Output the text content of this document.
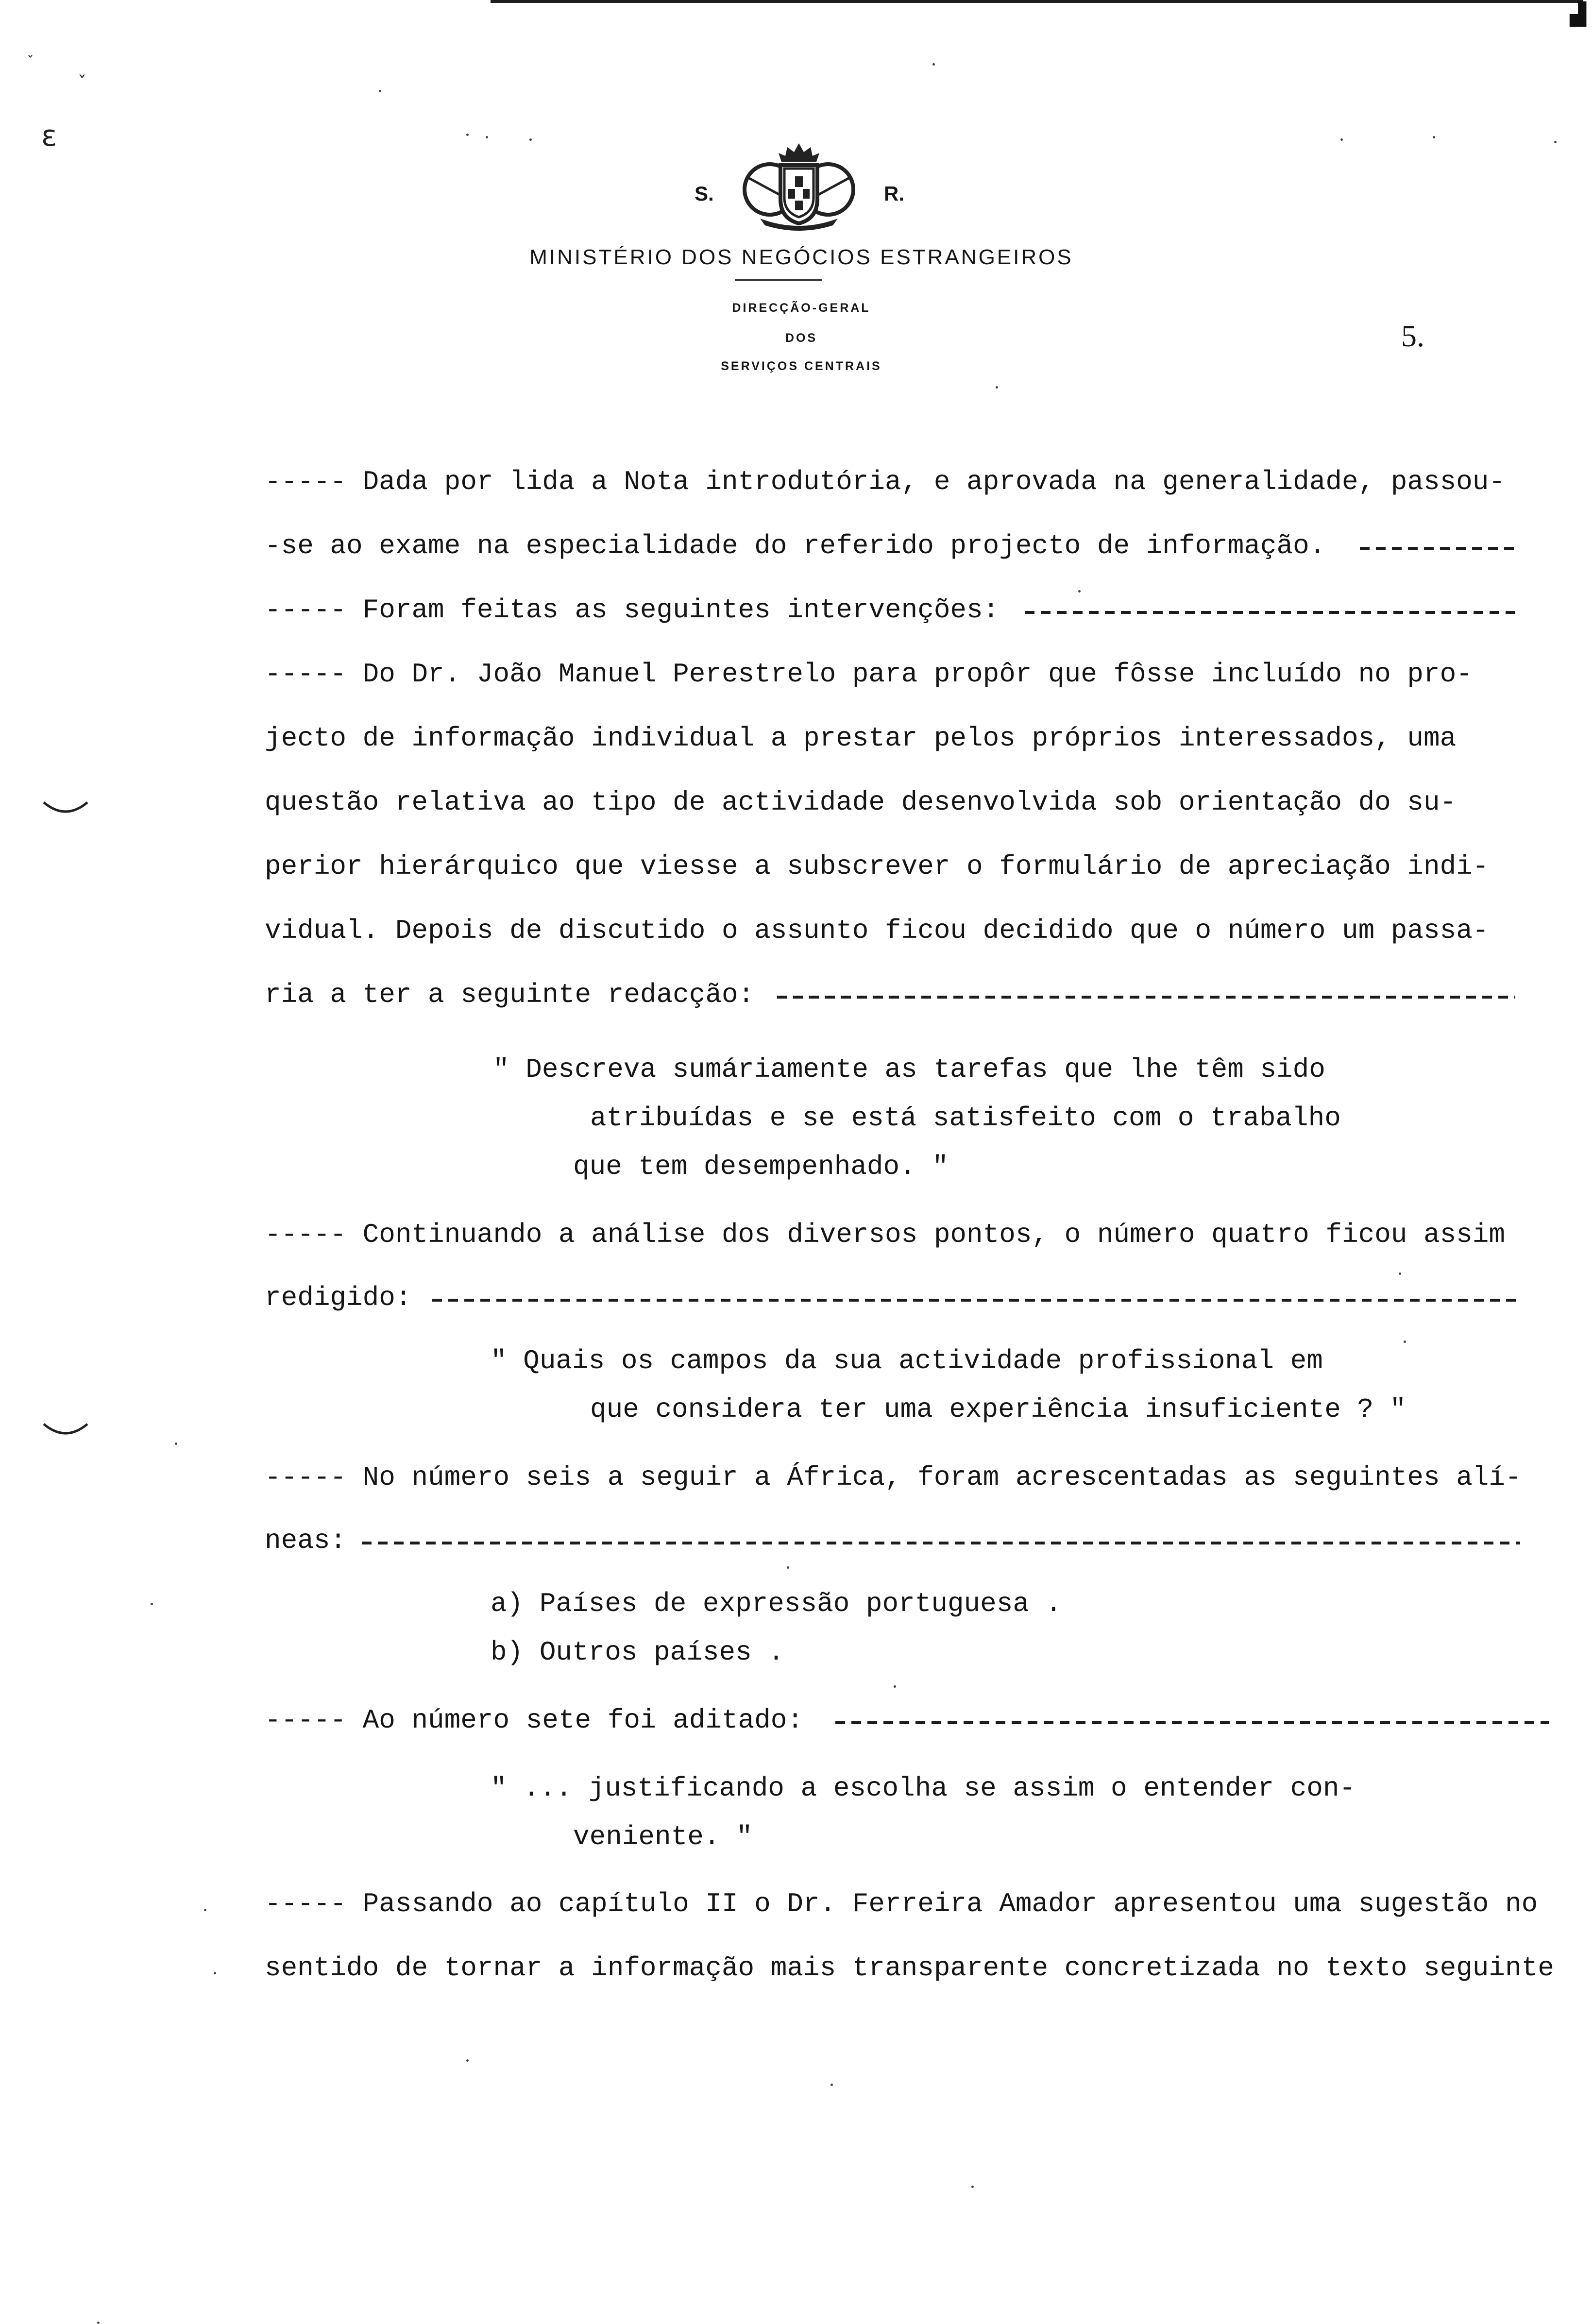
▟
ˇ
ˇ
ɛ
S.	R.
MINISTÉRIO DOS NEGÓCIOS ESTRANGEIROS
DIRECÇÃO-GERAL
DOS
SERVIÇOS CENTRAIS
5.
----- Dada por lida a Nota introdutória, e aprovada na generalidade, passou-
-se ao exame na especialidade do referido projecto de informação.
----- Foram feitas as seguintes intervenções:
----- Do Dr. João Manuel Perestrelo para propôr que fôsse incluído no pro-
jecto de informação individual a prestar pelos próprios interessados, uma
questão relativa ao tipo de actividade desenvolvida sob orientação do su-
perior hierárquico que viesse a subscrever o formulário de apreciação indi-
vidual. Depois de discutido o assunto ficou decidido que o número um passa-
ria a ter a seguinte redacção:
" Descreva sumáriamente as tarefas que lhe têm sido
atribuídas e se está satisfeito com o trabalho
que tem desempenhado. "
----- Continuando a análise dos diversos pontos, o número quatro ficou assim
redigido:
" Quais os campos da sua actividade profissional em
que considera ter uma experiência insuficiente ? "
----- No número seis a seguir a África, foram acrescentadas as seguintes alí-
neas:
a) Países de expressão portuguesa .
b) Outros países .
----- Ao número sete foi aditado:
" ... justificando a escolha se assim o entender con-
veniente. "
----- Passando ao capítulo II o Dr. Ferreira Amador apresentou uma sugestão no
sentido de tornar a informação mais transparente concretizada no texto seguinte
